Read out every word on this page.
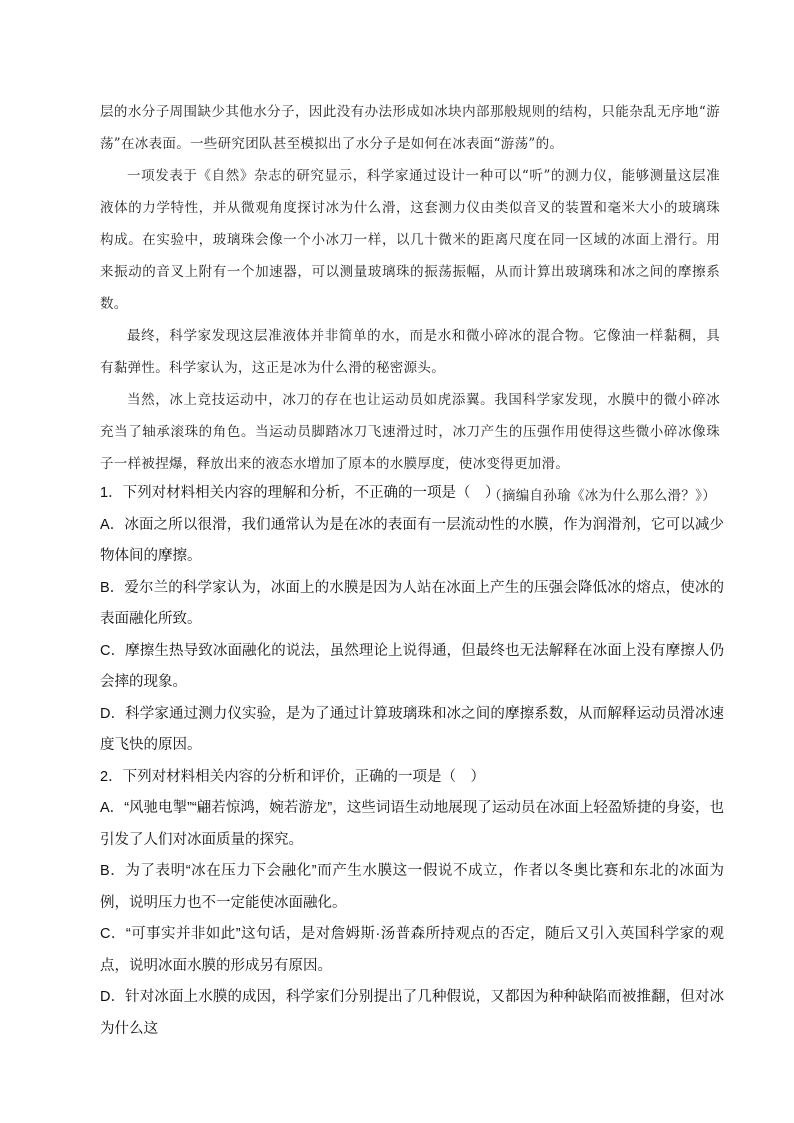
层的水分子周围缺少其他水分子，因此没有办法形成如冰块内部那般规则的结构，只能杂乱无序地“游荡”在冰表面。一些研究团队甚至模拟出了水分子是如何在冰表面“游荡”的。

一项发表于《自然》杂志的研究显示，科学家通过设计一种可以“听”的测力仪，能够测量这层准液体的力学特性，并从微观角度探讨冰为什么滑，这套测力仪由类似音叉的装置和毫米大小的玻璃珠构成。在实验中，玻璃珠会像一个小冰刀一样，以几十微米的距离尺度在同一区域的冰面上滑行。用来振动的音叉上附有一个加速器，可以测量玻璃珠的振荡振幅，从而计算出玻璃珠和冰之间的摩擦系数。

最终，科学家发现这层准液体并非简单的水，而是水和微小碎冰的混合物。它像油一样黏稠，具有黏弹性。科学家认为，这正是冰为什么滑的秘密源头。

当然，冰上竞技运动中，冰刀的存在也让运动员如虎添翼。我国科学家发现，水膜中的微小碎冰充当了轴承滚珠的角色。当运动员脚踏冰刀飞速滑过时，冰刀产生的压强作用使得这些微小碎冰像珠子一样被捏爆，释放出来的液态水增加了原本的水膜厚度，使冰变得更加滑。

（摘编自孙瑜《冰为什么那么滑？》）

1．下列对材料相关内容的理解和分析，不正确的一项是（　）

A．冰面之所以很滑，我们通常认为是在冰的表面有一层流动性的水膜，作为润滑剂，它可以减少物体间的摩擦。

B．爱尔兰的科学家认为，冰面上的水膜是因为人站在冰面上产生的压强会降低冰的熔点，使冰的表面融化所致。

C．摩擦生热导致冰面融化的说法，虽然理论上说得通，但最终也无法解释在冰面上没有摩擦人仍会摔的现象。

D．科学家通过测力仪实验，是为了通过计算玻璃珠和冰之间的摩擦系数，从而解释运动员滑冰速度飞快的原因。

2．下列对材料相关内容的分析和评价，正确的一项是（　）

A．“风驰电掣”“翩若惊鸿，婉若游龙”，这些词语生动地展现了运动员在冰面上轻盈矫捷的身姿，也引发了人们对冰面质量的探究。

B．为了表明“冰在压力下会融化”而产生水膜这一假说不成立，作者以冬奥比赛和东北的冰面为例，说明压力也不一定能使冰面融化。

C．“可事实并非如此”这句话，是对詹姆斯·汤普森所持观点的否定，随后又引入英国科学家的观点，说明冰面水膜的形成另有原因。

D．针对冰面上水膜的成因，科学家们分别提出了几种假说，又都因为种种缺陷而被推翻，但对冰为什么这
